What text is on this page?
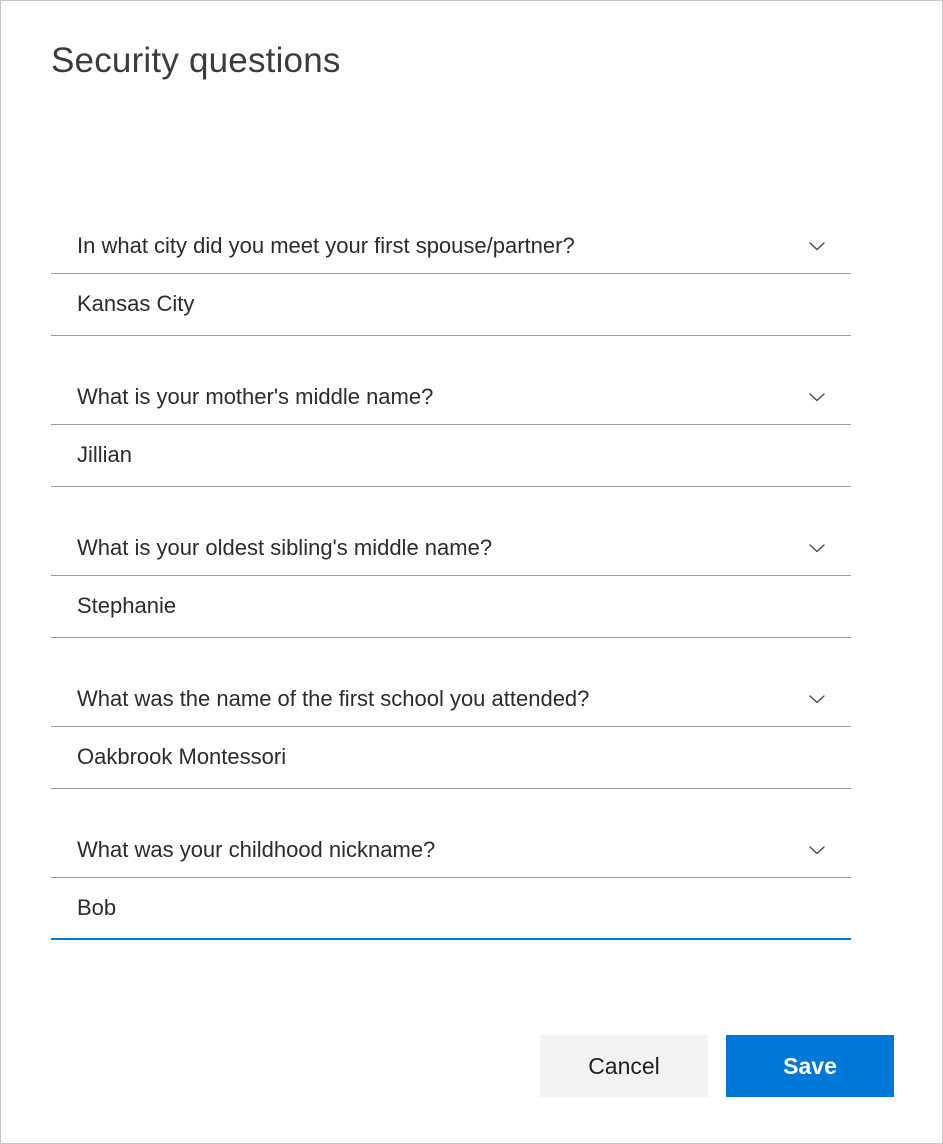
Security questions
In what city did you meet your first spouse/partner?
Kansas City
What is your mother's middle name?
Jillian
What is your oldest sibling's middle name?
Stephanie
What was the name of the first school you attended?
Oakbrook Montessori
What was your childhood nickname?
Bob
Cancel	Save
